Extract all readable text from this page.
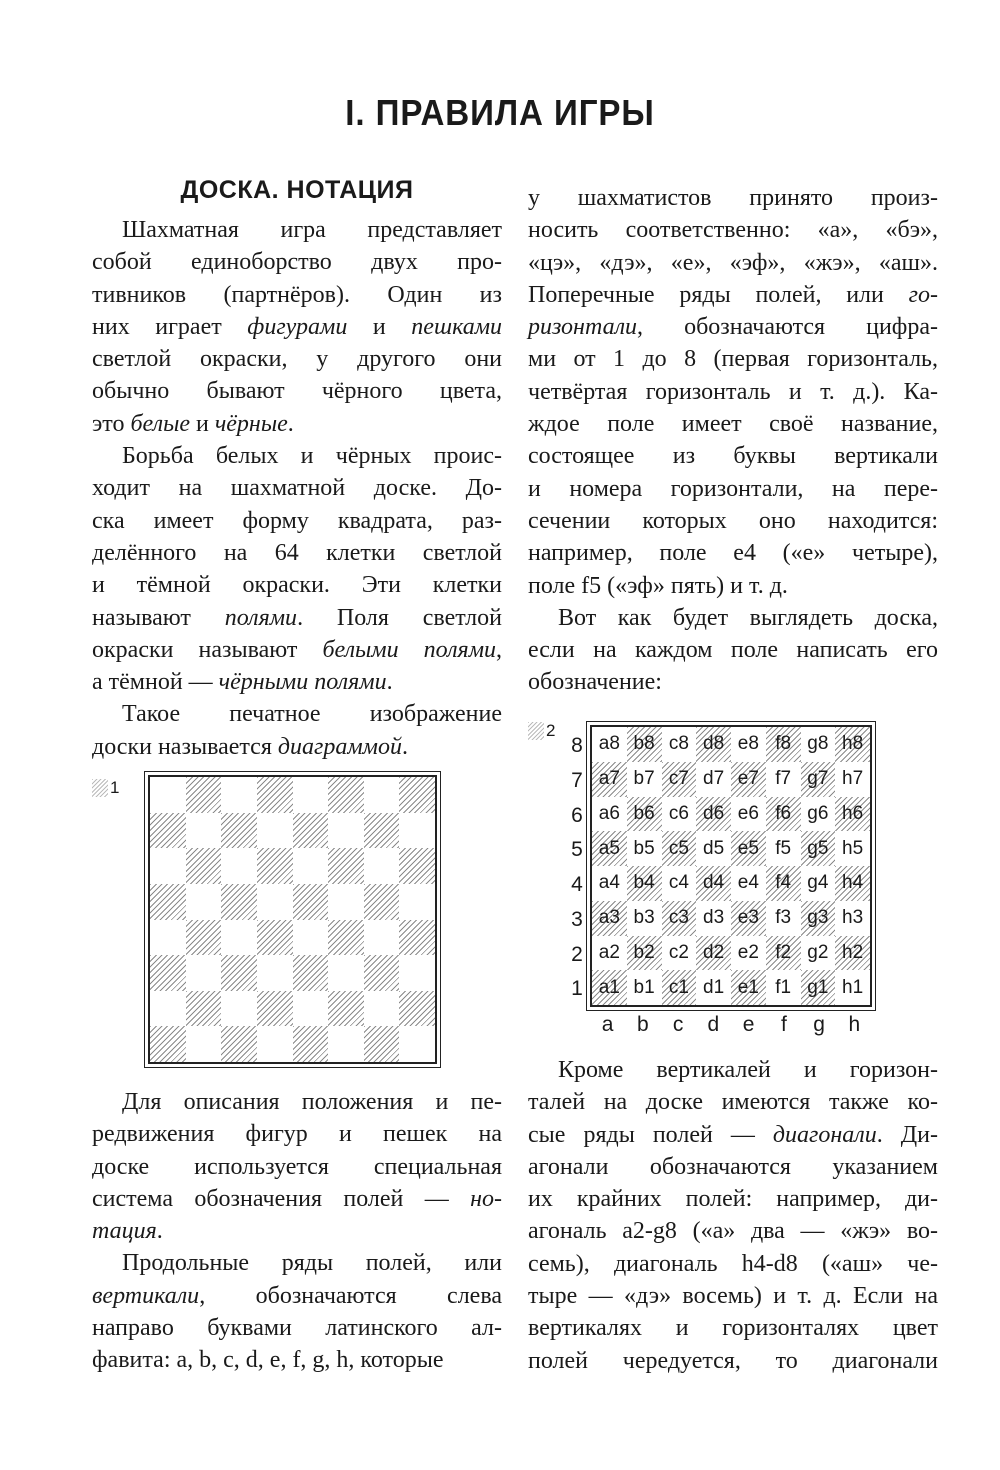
I. ПРАВИЛА ИГРЫ
ДОСКА. НОТАЦИЯ
Шахматная игра представляет
собой единоборство двух про-
тивников (партнёров). Один из
них играет фигурами и пешками
светлой окраски, у другого они
обычно бывают чёрного цвета,
это белые и чёрные.
Борьба белых и чёрных проис-
ходит на шахматной доске. До-
ска имеет форму квадрата, раз-
делённого на 64 клетки светлой
и тёмной окраски. Эти клетки
называют полями. Поля светлой
окраски называют белыми полями,
а тёмной — чёрными полями.
Такое печатное изображение
доски называется диаграммой.
1
Для описания положения и пе-
редвижения фигур и пешек на
доске используется специальная
система обозначения полей — но-
тация.
Продольные ряды полей, или
вертикали, обозначаются слева
направо буквами латинского ал-
фавита: a, b, c, d, e, f, g, h, которые
у шахматистов принято произ-
носить соответственно: «а», «бэ»,
«цэ», «дэ», «е», «эф», «жэ», «аш».
Поперечные ряды полей, или го-
ризонтали, обозначаются цифра-
ми от 1 до 8 (первая горизонталь,
четвёртая горизонталь и т. д.). Ка-
ждое поле имеет своё название,
состоящее из буквы вертикали
и номера горизонтали, на пере-
сечении которых оно находится:
например, поле e4 («е» четыре),
поле f5 («эф» пять) и т. д.
Вот как будет выглядеть доска,
если на каждом поле написать его
обозначение:
2
8
7
6
5
4
3
2
1
a8 b8 c8 d8 e8 f8 g8 h8
a7 b7 c7 d7 e7 f7 g7 h7
a6 b6 c6 d6 e6 f6 g6 h6
a5 b5 c5 d5 e5 f5 g5 h5
a4 b4 c4 d4 e4 f4 g4 h4
a3 b3 c3 d3 e3 f3 g3 h3
a2 b2 c2 d2 e2 f2 g2 h2
a1 b1 c1 d1 e1 f1 g1 h1
a	b	c	d	e	f	g	h
Кроме вертикалей и горизон-
талей на доске имеются также ко-
сые ряды полей — диагонали. Ди-
агонали обозначаются указанием
их крайних полей: например, ди-
агональ a2-g8 («а» два — «жэ» во-
семь), диагональ h4-d8 («аш» че-
тыре — «дэ» восемь) и т. д. Если на
вертикалях и горизонталях цвет
полей чередуется, то диагонали
